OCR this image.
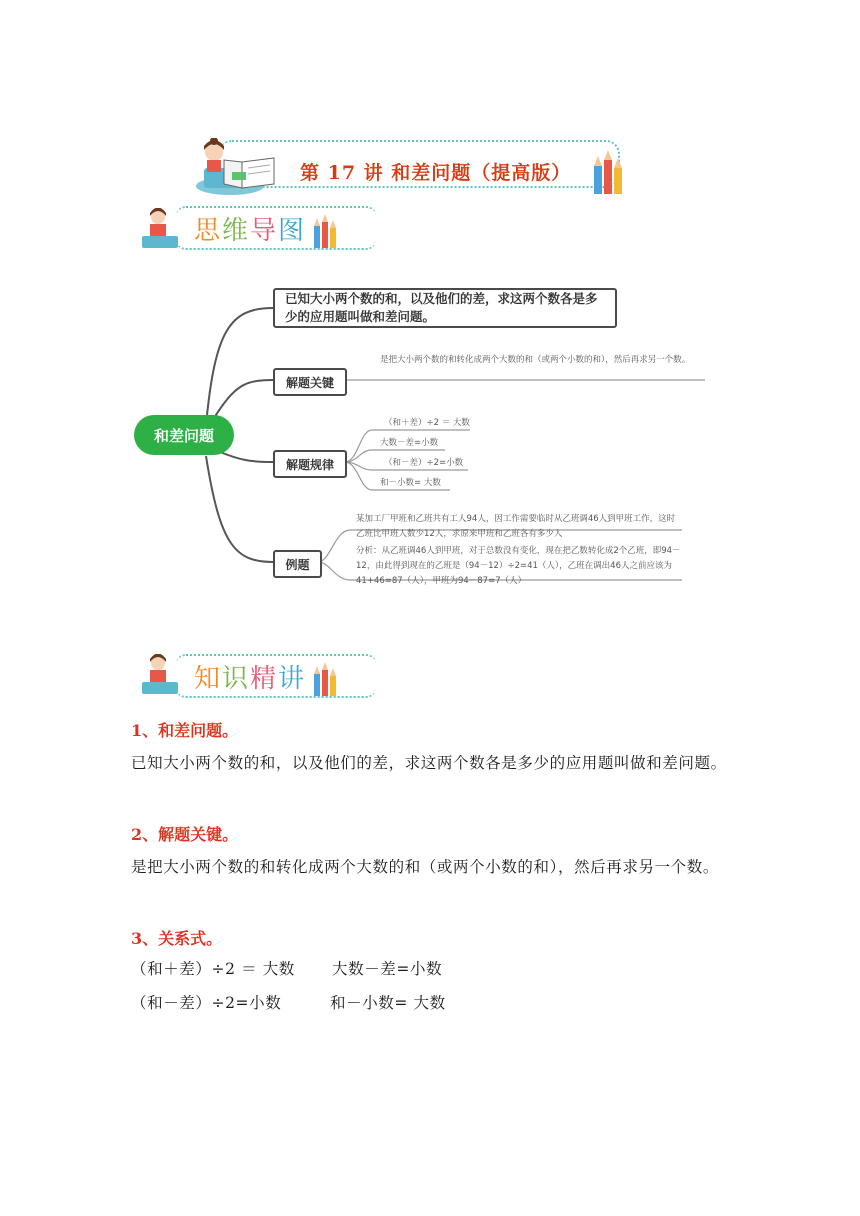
第 17 讲 和差问题（提高版）
思维导图
和差问题
已知大小两个数的和，以及他们的差，求这两个数各是多少的应用题叫做和差问题。
解题关键
是把大小两个数的和转化成两个大数的和（或两个小数的和），然后再求另一个数。
解题规律
（和＋差）÷2 ＝ 大数
大数－差=小数
（和－差）÷2=小数
和－小数= 大数
例题
某加工厂甲班和乙班共有工人94人，因工作需要临时从乙班调46人到甲班工作，这时乙班比甲班人数少12人，求原来甲班和乙班各有多少人
分析：从乙班调46人到甲班，对于总数没有变化，现在把乙数转化成2个乙班，即94－12，由此得到现在的乙班是（94－12）÷2=41（人），乙班在调出46人之前应该为41+46=87（人），甲班为94－87=7（人）
知识精讲
1、和差问题。
已知大小两个数的和，以及他们的差，求这两个数各是多少的应用题叫做和差问题。
2、解题关键。
是把大小两个数的和转化成两个大数的和（或两个小数的和），然后再求另一个数。
3、关系式。
（和＋差）÷2 ＝ 大数 大数－差=小数
（和－差）÷2=小数	和－小数= 大数
